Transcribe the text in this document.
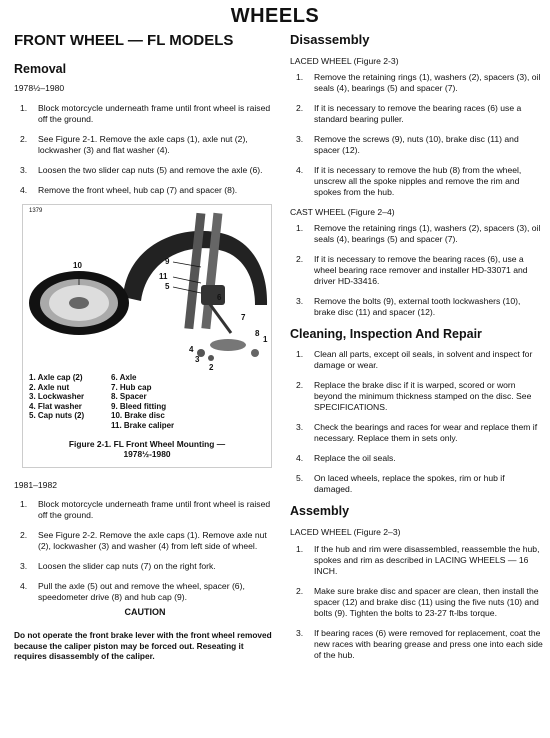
WHEELS
FRONT WHEEL — FL MODELS
Removal
1978½–1980
1. Block motorcycle underneath frame until front wheel is raised off the ground.
2. See Figure 2-1. Remove the axle caps (1), axle nut (2), lockwasher (3) and flat washer (4).
3. Loosen the two slider cap nuts (5) and remove the axle (6).
4. Remove the front wheel, hub cap (7) and spacer (8).
1379
10	9
11
5
6
7
8
1
4
3
2
1. Axle cap (2)	6. Axle
2. Axle nut	7. Hub cap
3. Lockwasher	8. Spacer
4. Flat washer	9. Bleed fitting
5. Cap nuts (2)	10. Brake disc
11. Brake caliper
Figure 2-1. FL Front Wheel Mounting —
1978½-1980
1981–1982
1. Block motorcycle underneath frame until front wheel is raised off the ground.
2. See Figure 2-2. Remove the axle caps (1). Remove axle nut (2), lockwasher (3) and washer (4) from left side of wheel.
3. Loosen the slider cap nuts (7) on the right fork.
4. Pull the axle (5) out and remove the wheel, spacer (6), speedometer drive (8) and hub cap (9).
CAUTION
Do not operate the front brake lever with the front wheel removed because the caliper piston may be forced out. Reseating it requires disassembly of the caliper.
Disassembly
LACED WHEEL (Figure 2-3)
1. Remove the retaining rings (1), washers (2), spacers (3), oil seals (4), bearings (5) and spacer (7).
2. If it is necessary to remove the bearing races (6) use a standard bearing puller.
3. Remove the screws (9), nuts (10), brake disc (11) and spacer (12).
4. If it is necessary to remove the hub (8) from the wheel, unscrew all the spoke nipples and remove the rim and spokes from the hub.
CAST WHEEL (Figure 2–4)
1. Remove the retaining rings (1), washers (2), spacers (3), oil seals (4), bearings (5) and spacer (7).
2. If it is necessary to remove the bearing races (6), use a wheel bearing race remover and installer HD-33071 and driver HD-33416.
3. Remove the bolts (9), external tooth lockwashers (10), brake disc (11) and spacer (12).
Cleaning, Inspection And Repair
1. Clean all parts, except oil seals, in solvent and inspect for damage or wear.
2. Replace the brake disc if it is warped, scored or worn beyond the minimum thickness stamped on the disc. See SPECIFICATIONS.
3. Check the bearings and races for wear and replace them if necessary. Replace them in sets only.
4. Replace the oil seals.
5. On laced wheels, replace the spokes, rim or hub if damaged.
Assembly
LACED WHEEL (Figure 2–3)
1. If the hub and rim were disassembled, reassemble the hub, spokes and rim as described in LACING WHEELS — 16 INCH.
2. Make sure brake disc and spacer are clean, then install the spacer (12) and brake disc (11) using the five nuts (10) and bolts (9). Tighten the bolts to 23-27 ft-lbs torque.
3. If bearing races (6) were removed for replacement, coat the new races with bearing grease and press one into each side of the hub.
